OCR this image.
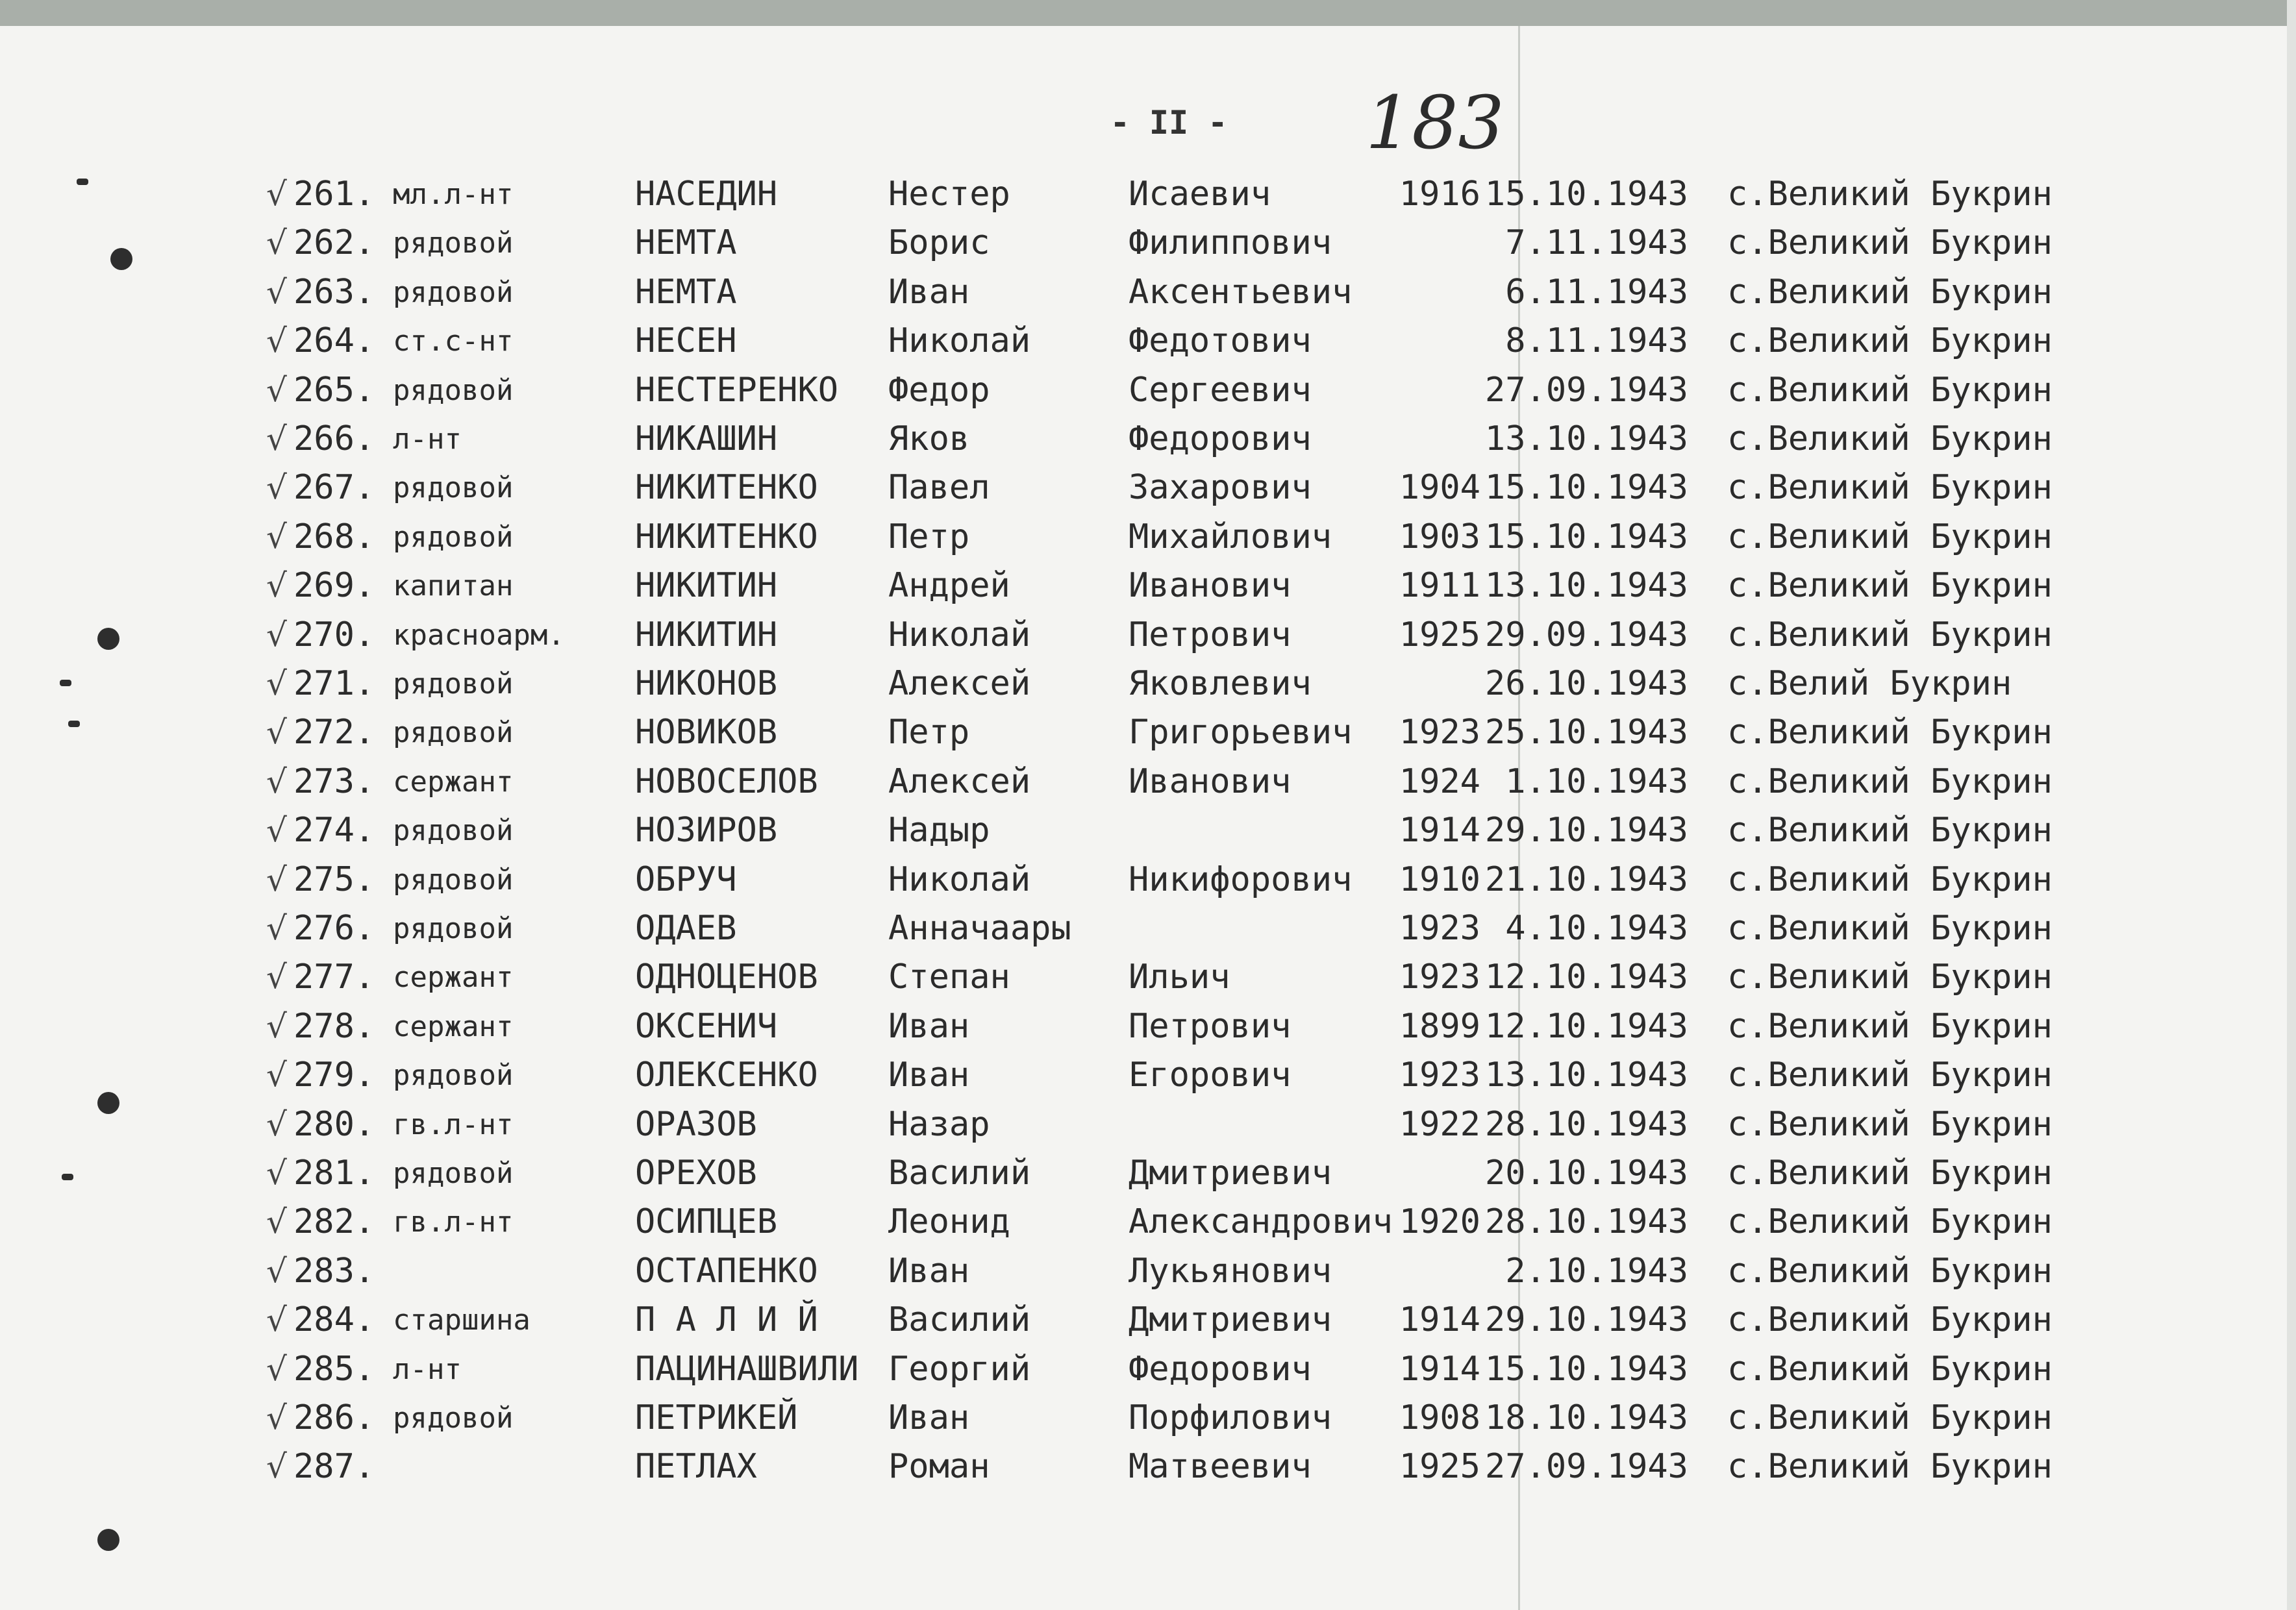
- II - 183
√ 261. мл.л-нт	НАСЕДИН	Нестер	Исаевич	1916 15.10.1943 с.Великий Букрин
√ 262. рядовой	НЕМТА	Борис	Филиппович	7.11.1943 с.Великий Букрин
√ 263. рядовой	НЕМТА	Иван	Аксентьевич	6.11.1943 с.Великий Букрин
√ 264. ст.с-нт	НЕСЕН	Николай	Федотович	8.11.1943 с.Великий Букрин
√ 265. рядовой	НЕСТЕРЕНКО Федор	Сергеевич	27.09.1943 с.Великий Букрин
√ 266. л-нт	НИКАШИН	Яков	Федорович	13.10.1943 с.Великий Букрин
√ 267. рядовой	НИКИТЕНКО Павел	Захарович	1904 15.10.1943 с.Великий Букрин
√ 268. рядовой	НИКИТЕНКО Петр	Михайлович	1903 15.10.1943 с.Великий Букрин
√ 269. капитан	НИКИТИН	Андрей	Иванович	1911 13.10.1943 с.Великий Букрин
√ 270. красноарм. НИКИТИН	Николай	Петрович	1925 29.09.1943 с.Великий Букрин
√ 271. рядовой	НИКОНОВ	Алексей	Яковлевич	26.10.1943 с.Велий Букрин
√ 272. рядовой	НОВИКОВ	Петр	Григорьевич	1923 25.10.1943 с.Великий Букрин
√ 273. сержант	НОВОСЕЛОВ Алексей	Иванович	1924 1.10.1943 с.Великий Букрин
√ 274. рядовой	НОЗИРОВ	Надыр	1914 29.10.1943 с.Великий Букрин
√ 275. рядовой	ОБРУЧ	Николай	Никифорович	1910 21.10.1943 с.Великий Букрин
√ 276. рядовой	ОДАЕВ	Анначаары	1923 4.10.1943 с.Великий Букрин
√ 277. сержант	ОДНОЦЕНОВ Степан	Ильич	1923 12.10.1943 с.Великий Букрин
√ 278. сержант	ОКСЕНИЧ	Иван	Петрович	1899 12.10.1943 с.Великий Букрин
√ 279. рядовой	ОЛЕКСЕНКО Иван	Егорович	1923 13.10.1943 с.Великий Букрин
√ 280. гв.л-нт	ОРАЗОВ	Назар	1922 28.10.1943 с.Великий Букрин
√ 281. рядовой	ОРЕХОВ	Василий	Дмитриевич	20.10.1943 с.Великий Букрин
√ 282. гв.л-нт	ОСИПЦЕВ	Леонид	Александрович 1920 28.10.1943 с.Великий Букрин
√ 283.	ОСТАПЕНКО Иван	Лукьянович	2.10.1943 с.Великий Букрин
√ 284. старшина	П А Л И Й Василий	Дмитриевич	1914 29.10.1943 с.Великий Букрин
√ 285. л-нт	ПАЦИНАШВИЛИ Георгий	Федорович	1914 15.10.1943 с.Великий Букрин
√ 286. рядовой	ПЕТРИКЕЙ	Иван	Порфилович	1908 18.10.1943 с.Великий Букрин
√ 287.	ПЕТЛАХ	Роман	Матвеевич	1925 27.09.1943 с.Великий Букрин
